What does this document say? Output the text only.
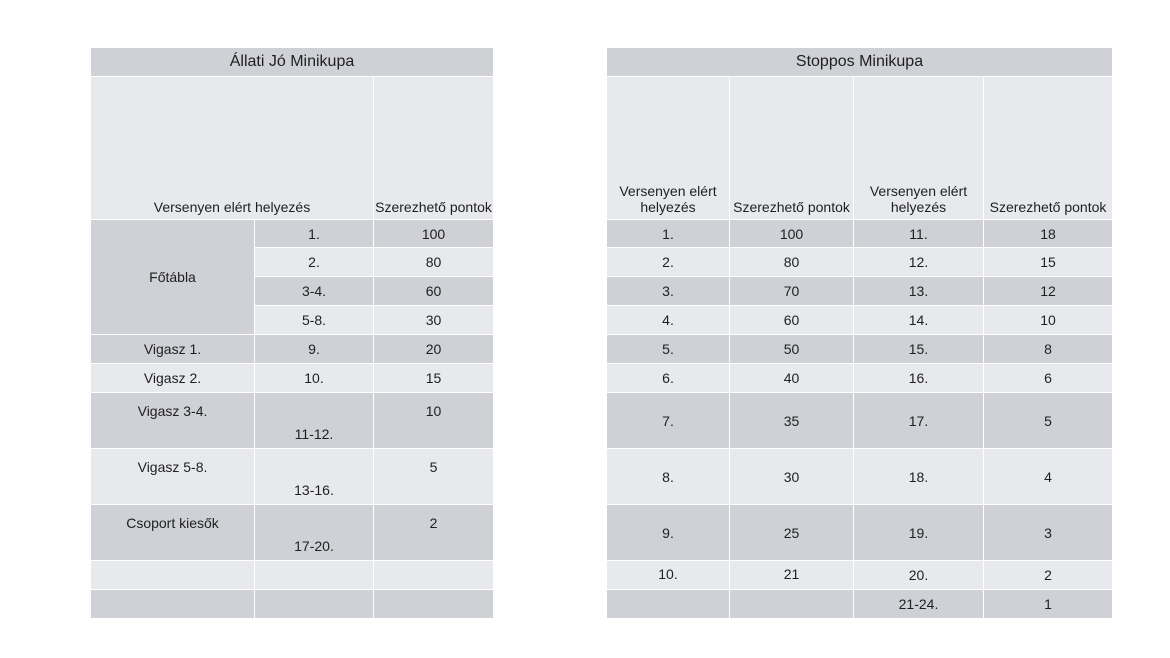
Állati Jó Minikupa		
Versenyen elért helyezés		Szerezhető pontok
Főtábla	1.	100
	2.	80
	3-4.	60
	5-8.	30
Vigasz 1.	9.	20
Vigasz 2.	10.	15
Vigasz 3-4.	11-12.	10
Vigasz 5-8.	13-16.	5
Csoport kiesők	17-20.	2

Stoppos Minikupa			
Versenyen elért helyezés	Szerezhető pontok	Versenyen elért helyezés	Szerezhető pontok
1.	100	11.	18
2.	80	12.	15
3.	70	13.	12
4.	60	14.	10
5.	50	15.	8
6.	40	16.	6
7.	35	17.	5
8.	30	18.	4
9.	25	19.	3
10.	21	20.	2
		21-24.	1
